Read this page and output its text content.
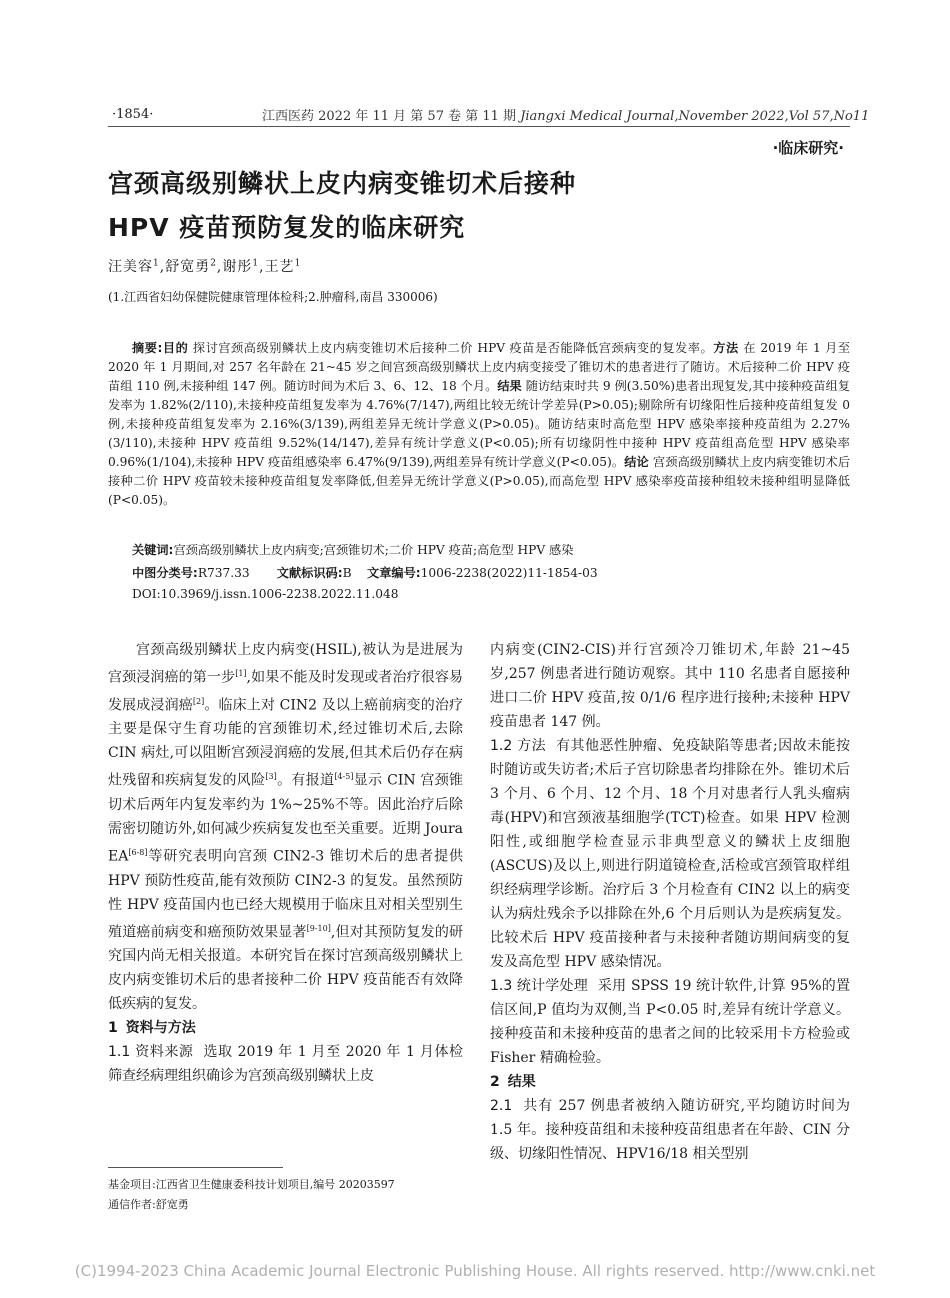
·1854·	江西医药 2022 年 11 月 第 57 卷 第 11 期 Jiangxi Medical Journal,November 2022,Vol 57,No11
·临床研究·
宫颈高级别鳞状上皮内病变锥切术后接种
HPV 疫苗预防复发的临床研究
汪美容$^1$,舒宽勇$^2$,谢彤$^1$,王艺$^1$
(1.江西省妇幼保健院健康管理体检科;2.肿瘤科,南昌 330006)
摘要:目的 探讨宫颈高级别鳞状上皮内病变锥切术后接种二价 HPV 疫苗是否能降低宫颈病变的复发率。方法 在 2019 年 1 月至 2020 年 1 月期间,对 257 名年龄在 21~45 岁之间宫颈高级别鳞状上皮内病变接受了锥切术的患者进行了随访。术后接种二价 HPV 疫苗组 110 例,未接种组 147 例。随访时间为术后 3、6、12、18 个月。结果 随访结束时共 9 例(3.50%)患者出现复发,其中接种疫苗组复发率为 1.82%(2/110),未接种疫苗组复发率为 4.76%(7/147),两组比较无统计学差异(P>0.05);剔除所有切缘阳性后接种疫苗组复发 0 例,未接种疫苗组复发率为 2.16%(3/139),两组差异无统计学意义(P>0.05)。随访结束时高危型 HPV 感染率接种疫苗组为 2.27%(3/110),未接种 HPV 疫苗组 9.52%(14/147),差异有统计学意义(P<0.05);所有切缘阴性中接种 HPV 疫苗组高危型 HPV 感染率 0.96%(1/104),未接种 HPV 疫苗组感染率 6.47%(9/139),两组差异有统计学意义(P<0.05)。结论 宫颈高级别鳞状上皮内病变锥切术后接种二价 HPV 疫苗较未接种疫苗组复发率降低,但差异无统计学意义(P>0.05),而高危型 HPV 感染率疫苗接种组较未接种组明显降低(P<0.05)。
关键词:宫颈高级别鳞状上皮内病变;宫颈锥切术;二价 HPV 疫苗;高危型 HPV 感染
中图分类号:R737.33 文献标识码:B 文章编号:1006-2238(2022)11-1854-03
DOI:10.3969/j.issn.1006-2238.2022.11.048

宫颈高级别鳞状上皮内病变(HSIL),被认为是进展为宫颈浸润癌的第一步[1],如果不能及时发现或者治疗很容易发展成浸润癌[2]。临床上对 CIN2 及以上癌前病变的治疗主要是保守生育功能的宫颈锥切术,经过锥切术后,去除 CIN 病灶,可以阻断宫颈浸润癌的发展,但其术后仍存在病灶残留和疾病复发的风险[3]。有报道[4-5]显示 CIN 宫颈锥切术后两年内复发率约为 1%~25%不等。因此治疗后除需密切随访外,如何减少疾病复发也至关重要。近期 Joura EA[6-8]等研究表明向宫颈 CIN2-3 锥切术后的患者提供 HPV 预防性疫苗,能有效预防 CIN2-3 的复发。虽然预防性 HPV 疫苗国内也已经大规模用于临床且对相关型别生殖道癌前病变和癌预防效果显著[9-10],但对其预防复发的研究国内尚无相关报道。本研究旨在探讨宫颈高级别鳞状上皮内病变锥切术后的患者接种二价 HPV 疫苗能否有效降低疾病的复发。

1 资料与方法

1.1 资料来源 选取 2019 年 1 月至 2020 年 1 月体检筛查经病理组织确诊为宫颈高级别鳞状上皮

内病变(CIN2-CIS)并行宫颈冷刀锥切术,年龄 21~45 岁,257 例患者进行随访观察。其中 110 名患者自愿接种进口二价 HPV 疫苗,按 0/1/6 程序进行接种;未接种 HPV 疫苗患者 147 例。

1.2 方法 有其他恶性肿瘤、免疫缺陷等患者;因故未能按时随访或失访者;术后子宫切除患者均排除在外。锥切术后 3 个月、6 个月、12 个月、18 个月对患者行人乳头瘤病毒(HPV)和宫颈液基细胞学(TCT)检查。如果 HPV 检测阳性,或细胞学检查显示非典型意义的鳞状上皮细胞(ASCUS)及以上,则进行阴道镜检查,活检或宫颈管取样组织经病理学诊断。治疗后 3 个月检查有 CIN2 以上的病变认为病灶残余予以排除在外,6 个月后则认为是疾病复发。比较术后 HPV 疫苗接种者与未接种者随访期间病变的复发及高危型 HPV 感染情况。

1.3 统计学处理 采用 SPSS 19 统计软件,计算 95%的置信区间,P 值均为双侧,当 P<0.05 时,差异有统计学意义。接种疫苗和未接种疫苗的患者之间的比较采用卡方检验或 Fisher 精确检验。

2 结果

2.1 共有 257 例患者被纳入随访研究,平均随访时间为 1.5 年。接种疫苗组和未接种疫苗组患者在年龄、CIN 分级、切缘阳性情况、HPV16/18 相关型别

基金项目:江西省卫生健康委科技计划项目,编号 20203597
通信作者:舒宽勇
(C)1994-2023 China Academic Journal Electronic Publishing House. All rights reserved. http://www.cnki.net
